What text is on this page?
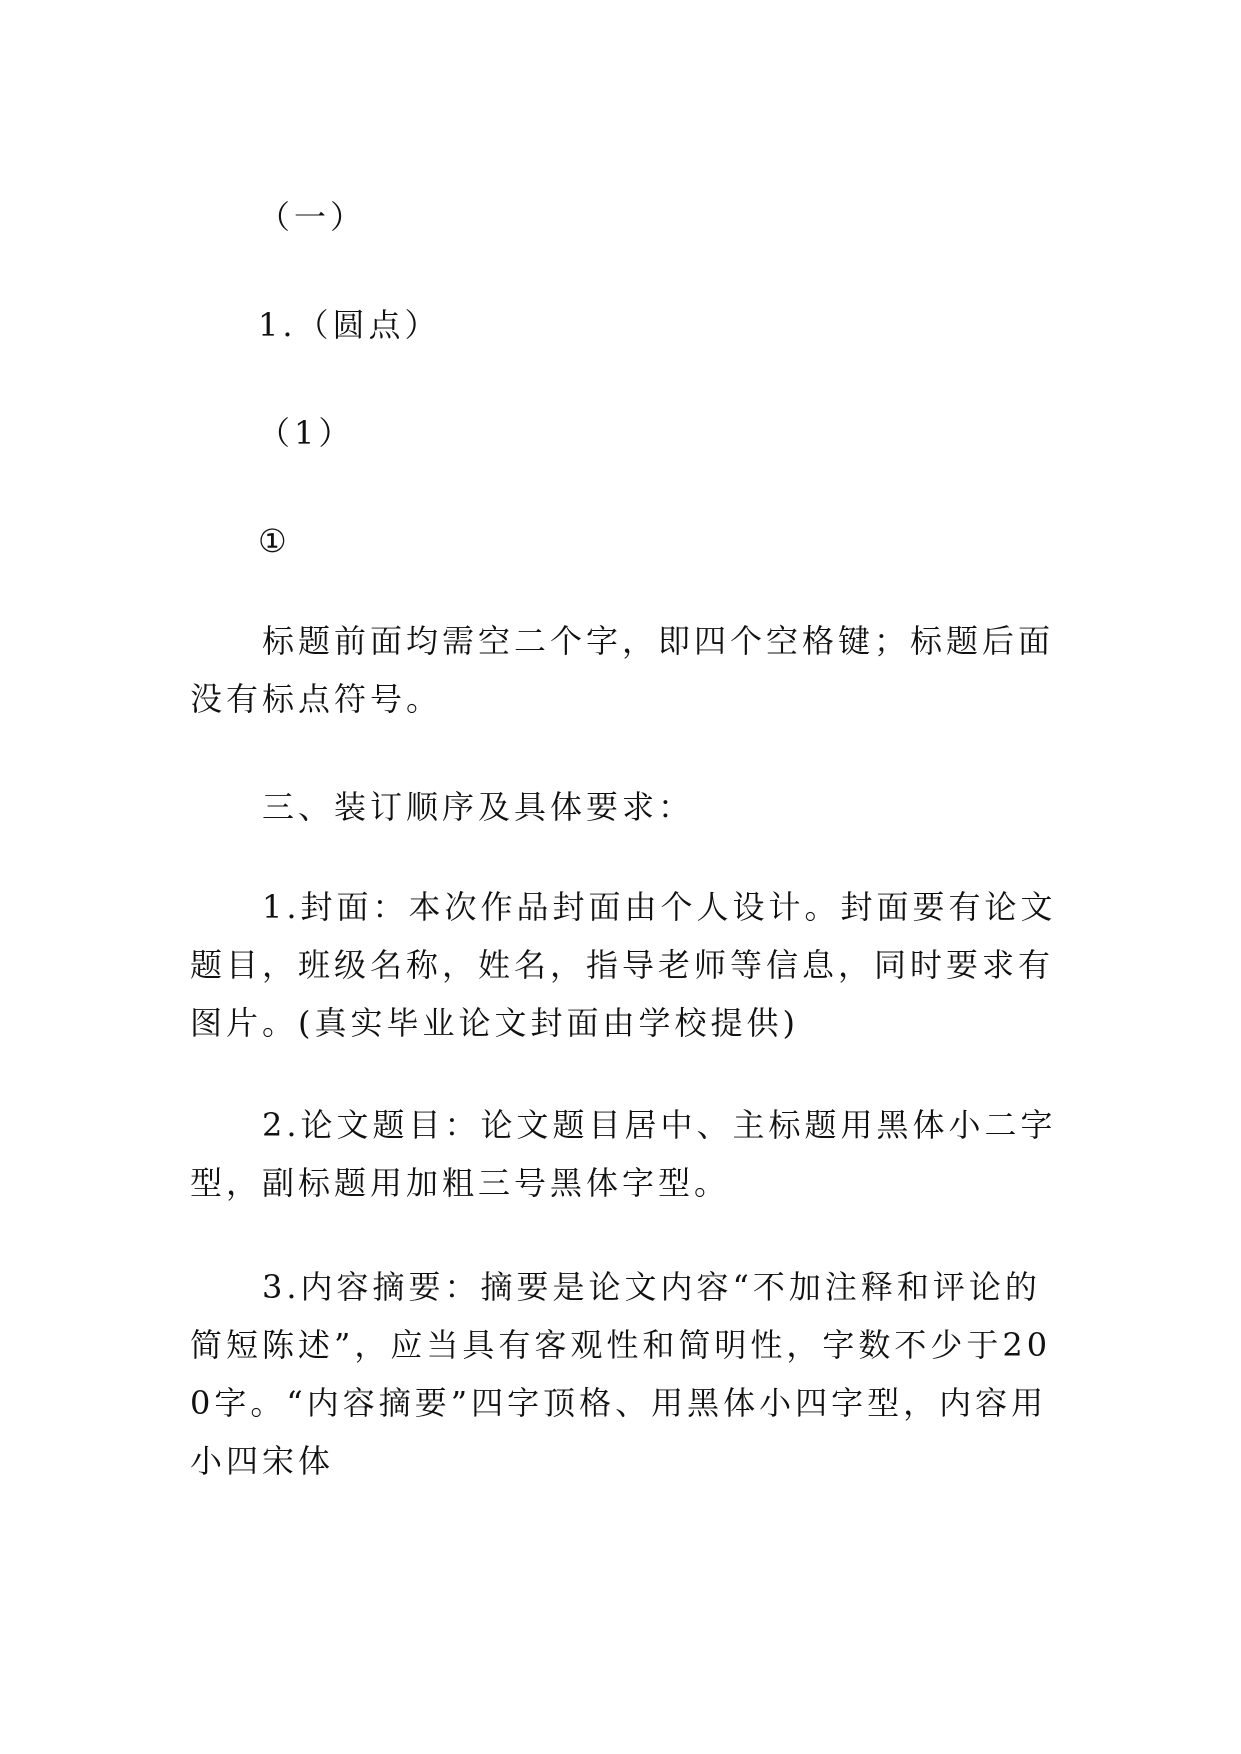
（一）
1.（圆点）
（1）
①
　　标题前面均需空二个字，即四个空格键；标题后面没有标点符号。
　　三、装订顺序及具体要求：
　　1.封面：本次作品封面由个人设计。封面要有论文题目，班级名称，姓名，指导老师等信息，同时要求有图片。(真实毕业论文封面由学校提供)
　　2.论文题目：论文题目居中、主标题用黑体小二字型，副标题用加粗三号黑体字型。
　　3.内容摘要：摘要是论文内容“不加注释和评论的简短陈述”，应当具有客观性和简明性，字数不少于200字。“内容摘要”四字顶格、用黑体小四字型，内容用小四宋体
